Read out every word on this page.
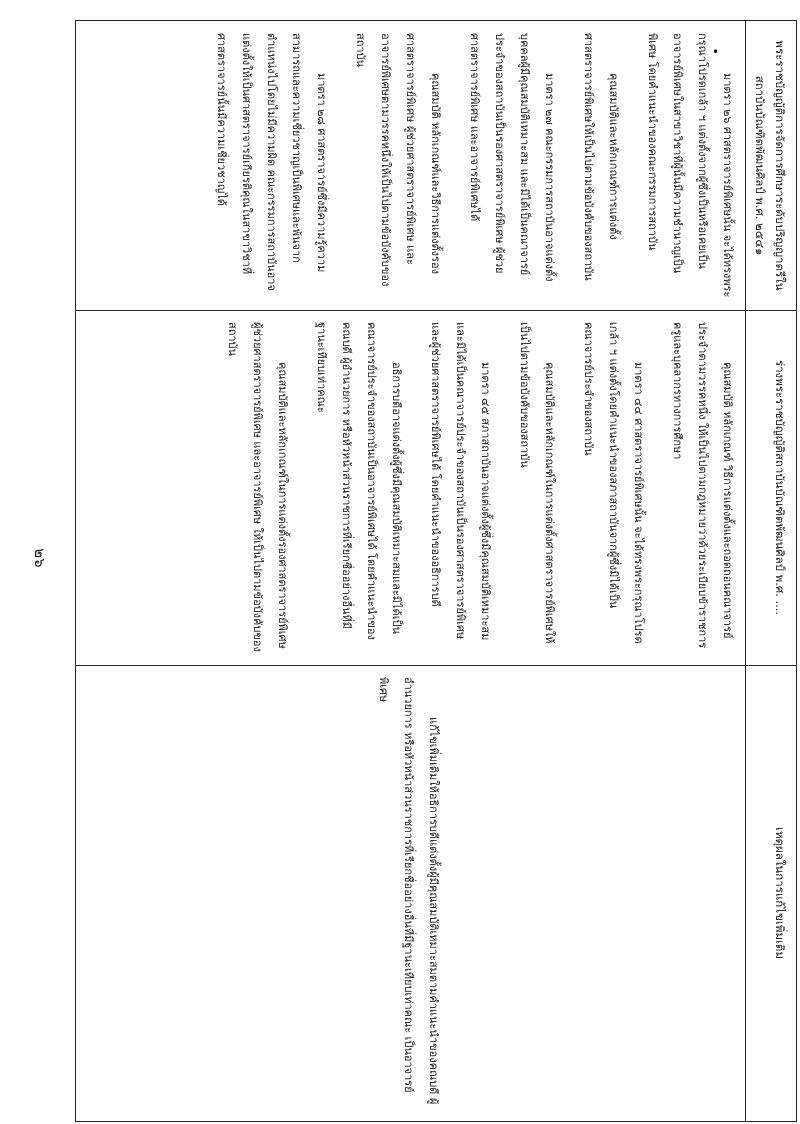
๒๖
พระราชบัญญัติการจัดการศึกษาระดับปริญญาตรีในสถาบันบัณฑิตพัฒนศิลป์ พ.ศ. ๒๕๔๑

มาตรา ๒๖ ศาสตราจารย์พิเศษนั้น จะได้ทรงพระกรุณาโปรดเกล้า ฯ แต่งตั้งจากผู้ซึ่งเป็นหรือเคยเป็นอาจารย์พิเศษในสาขาวิชาที่ผู้นั้นมีความชำนาญเป็นพิเศษ โดยคำแนะนำของคณะกรรมการสถาบัน

คุณสมบัติและหลักเกณฑ์การแต่งตั้งศาสตราจารย์พิเศษให้เป็นไปตามข้อบังคับของสถาบัน

มาตรา ๒๗ คณะกรรมการสถาบันอาจแต่งตั้งบุคคลผู้มีคุณสมบัติเหมาะสม และมิได้เป็นคณาจารย์ประจำของสถาบันเป็นรองศาสตราจารย์พิเศษ ผู้ช่วยศาสตราจารย์พิเศษ และอาจารย์พิเศษได้

คุณสมบัติ หลักเกณฑ์และวิธีการแต่งตั้งรองศาสตราจารย์พิเศษ ผู้ช่วยศาสตราจารย์พิเศษ และอาจารย์พิเศษตามวรรคหนึ่งให้เป็นไปตามข้อบังคับของสถาบัน

มาตรา ๒๘ ศาสตราจารย์ซึ่งมีความรู้ความสามารถและความเชี่ยวชาญเป็นพิเศษและพ้นจากตำแหน่งไปโดยไม่มีความผิด คณะกรรมการสถาบันอาจแต่งตั้งให้เป็นศาสตราจารย์เกียรติคุณในสาขาวิชาที่ศาสตราจารย์นั้นมีความเชี่ยวชาญได้

ร่างพระราชบัญญัติสถาบันบัณฑิตพัฒนศิลป์ พ.ศ. ....

คุณสมบัติ หลักเกณฑ์ วิธีการแต่งตั้งและถอดถอนคณาจารย์ประจำตามวรรคหนึ่ง ให้เป็นไปตามกฎหมายว่าด้วยระเบียบข้าราชการครูและบุคลากรทางการศึกษา

มาตรา ๔๔ ศาสตราจารย์พิเศษนั้น จะได้ทรงพระกรุณาโปรดเกล้า ฯ แต่งตั้งโดยคำแนะนำของสภาสถาบันจากผู้ซึ่งมิได้เป็นคณาจารย์ประจำของสถาบัน

คุณสมบัติและหลักเกณฑ์ในการแต่งตั้งศาสตราจารย์พิเศษให้เป็นไปตามข้อบังคับของสถาบัน

มาตรา ๔๕ สภาสถาบันอาจแต่งตั้งผู้ซึ่งมีคุณสมบัติเหมาะสมและมิได้เป็นคณาจารย์ประจำของสถาบันเป็นรองศาสตราจารย์พิเศษ และผู้ช่วยศาสตราจารย์พิเศษได้ โดยคำแนะนำของอธิการบดี

อธิการบดีอาจแต่งตั้งผู้ซึ่งมีคุณสมบัติเหมาะสมและมิได้เป็นคณาจารย์ประจำของสถาบันเป็นอาจารย์พิเศษได้ โดยคำแนะนำของคณบดี ผู้อำนวยการ หรือหัวหน้าส่วนราชการที่เรียกชื่ออย่างอื่นที่มีฐานะเทียบเท่าคณะ

คุณสมบัติและหลักเกณฑ์ในการแต่งตั้งรองศาสตราจารย์พิเศษ ผู้ช่วยศาสตราจารย์พิเศษ และอาจารย์พิเศษ ให้เป็นไปตามข้อบังคับของสถาบัน

เหตุผลในการแก้ไขเพิ่มเติม

แก้ไขเพิ่มเติมให้อธิการบดีแต่งตั้งผู้มีคุณสมบัติเหมาะสมตามคำแนะนำของคณบดี ผู้อำนวยการ หรือหัวหน้าส่วนราชการที่เรียกชื่ออย่างอื่นที่มีฐานะเทียบเท่าคณะ เป็นอาจารย์พิเศษ

•
